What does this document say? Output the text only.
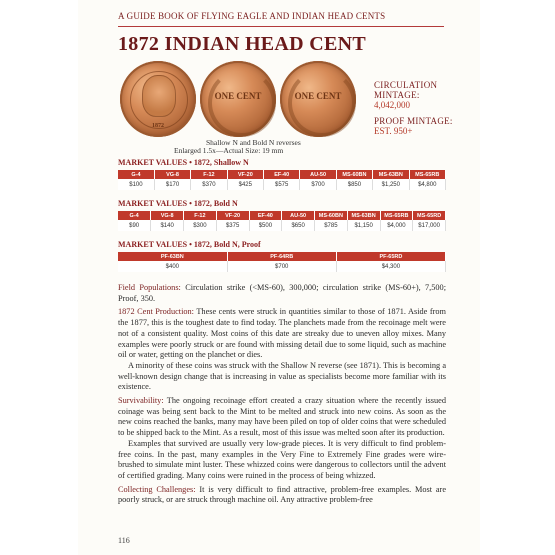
A GUIDE BOOK OF FLYING EAGLE AND INDIAN HEAD CENTS
1872 INDIAN HEAD CENT
1872
ONE CENT	ONE CENT
Shallow N and Bold N reverses
Enlarged 1.5x—Actual Size: 19 mm
CIRCULATION
MINTAGE:
4,042,000
PROOF MINTAGE:
EST. 950+
MARKET VALUES • 1872, Shallow N
G-4	VG-8	F-12	VF-20	EF-40	AU-50	MS-60BN	MS-63BN	MS-65RB
$100	$170	$370	$425	$575	$700	$850	$1,250	$4,800
MARKET VALUES • 1872, Bold N
G-4	VG-8	F-12	VF-20	EF-40	AU-50	MS-60BN	MS-63BN	MS-65RB	MS-65RD
$90	$140	$300	$375	$500	$650	$785	$1,150	$4,000	$17,000
MARKET VALUES • 1872, Bold N, Proof
PF-63BN	PF-64RB	PF-65RD
$400	$700	$4,300

Field Populations: Circulation strike (<MS-60), 300,000; circulation strike (MS-60+), 7,500; Proof, 350.

1872 Cent Production: These cents were struck in quantities similar to those of 1871. Aside from the 1877, this is the toughest date to find today. The planchets made from the recoinage melt were not of a consistent quality. Most coins of this date are streaky due to uneven alloy mixes. Many examples were poorly struck or are found with missing detail due to some liquid, such as machine oil or water, getting on the planchet or dies.

A minority of these coins was struck with the Shallow N reverse (see 1871). This is becoming a well-known design change that is increasing in value as specialists become more familiar with its existence.

Survivability: The ongoing recoinage effort created a crazy situation where the recently issued coinage was being sent back to the Mint to be melted and struck into new coins. As soon as the new coins reached the banks, many may have been piled on top of older coins that were scheduled to be shipped back to the Mint. As a result, most of this issue was melted soon after its production.

Examples that survived are usually very low-grade pieces. It is very difficult to find problem-free coins. In the past, many examples in the Very Fine to Extremely Fine grades were wire-brushed to simulate mint luster. These whizzed coins were dangerous to collectors until the advent of certified grading. Many coins were ruined in the process of being whizzed.

Collecting Challenges: It is very difficult to find attractive, problem-free examples. Most are poorly struck, or are struck through machine oil. Any attractive problem-free

116
